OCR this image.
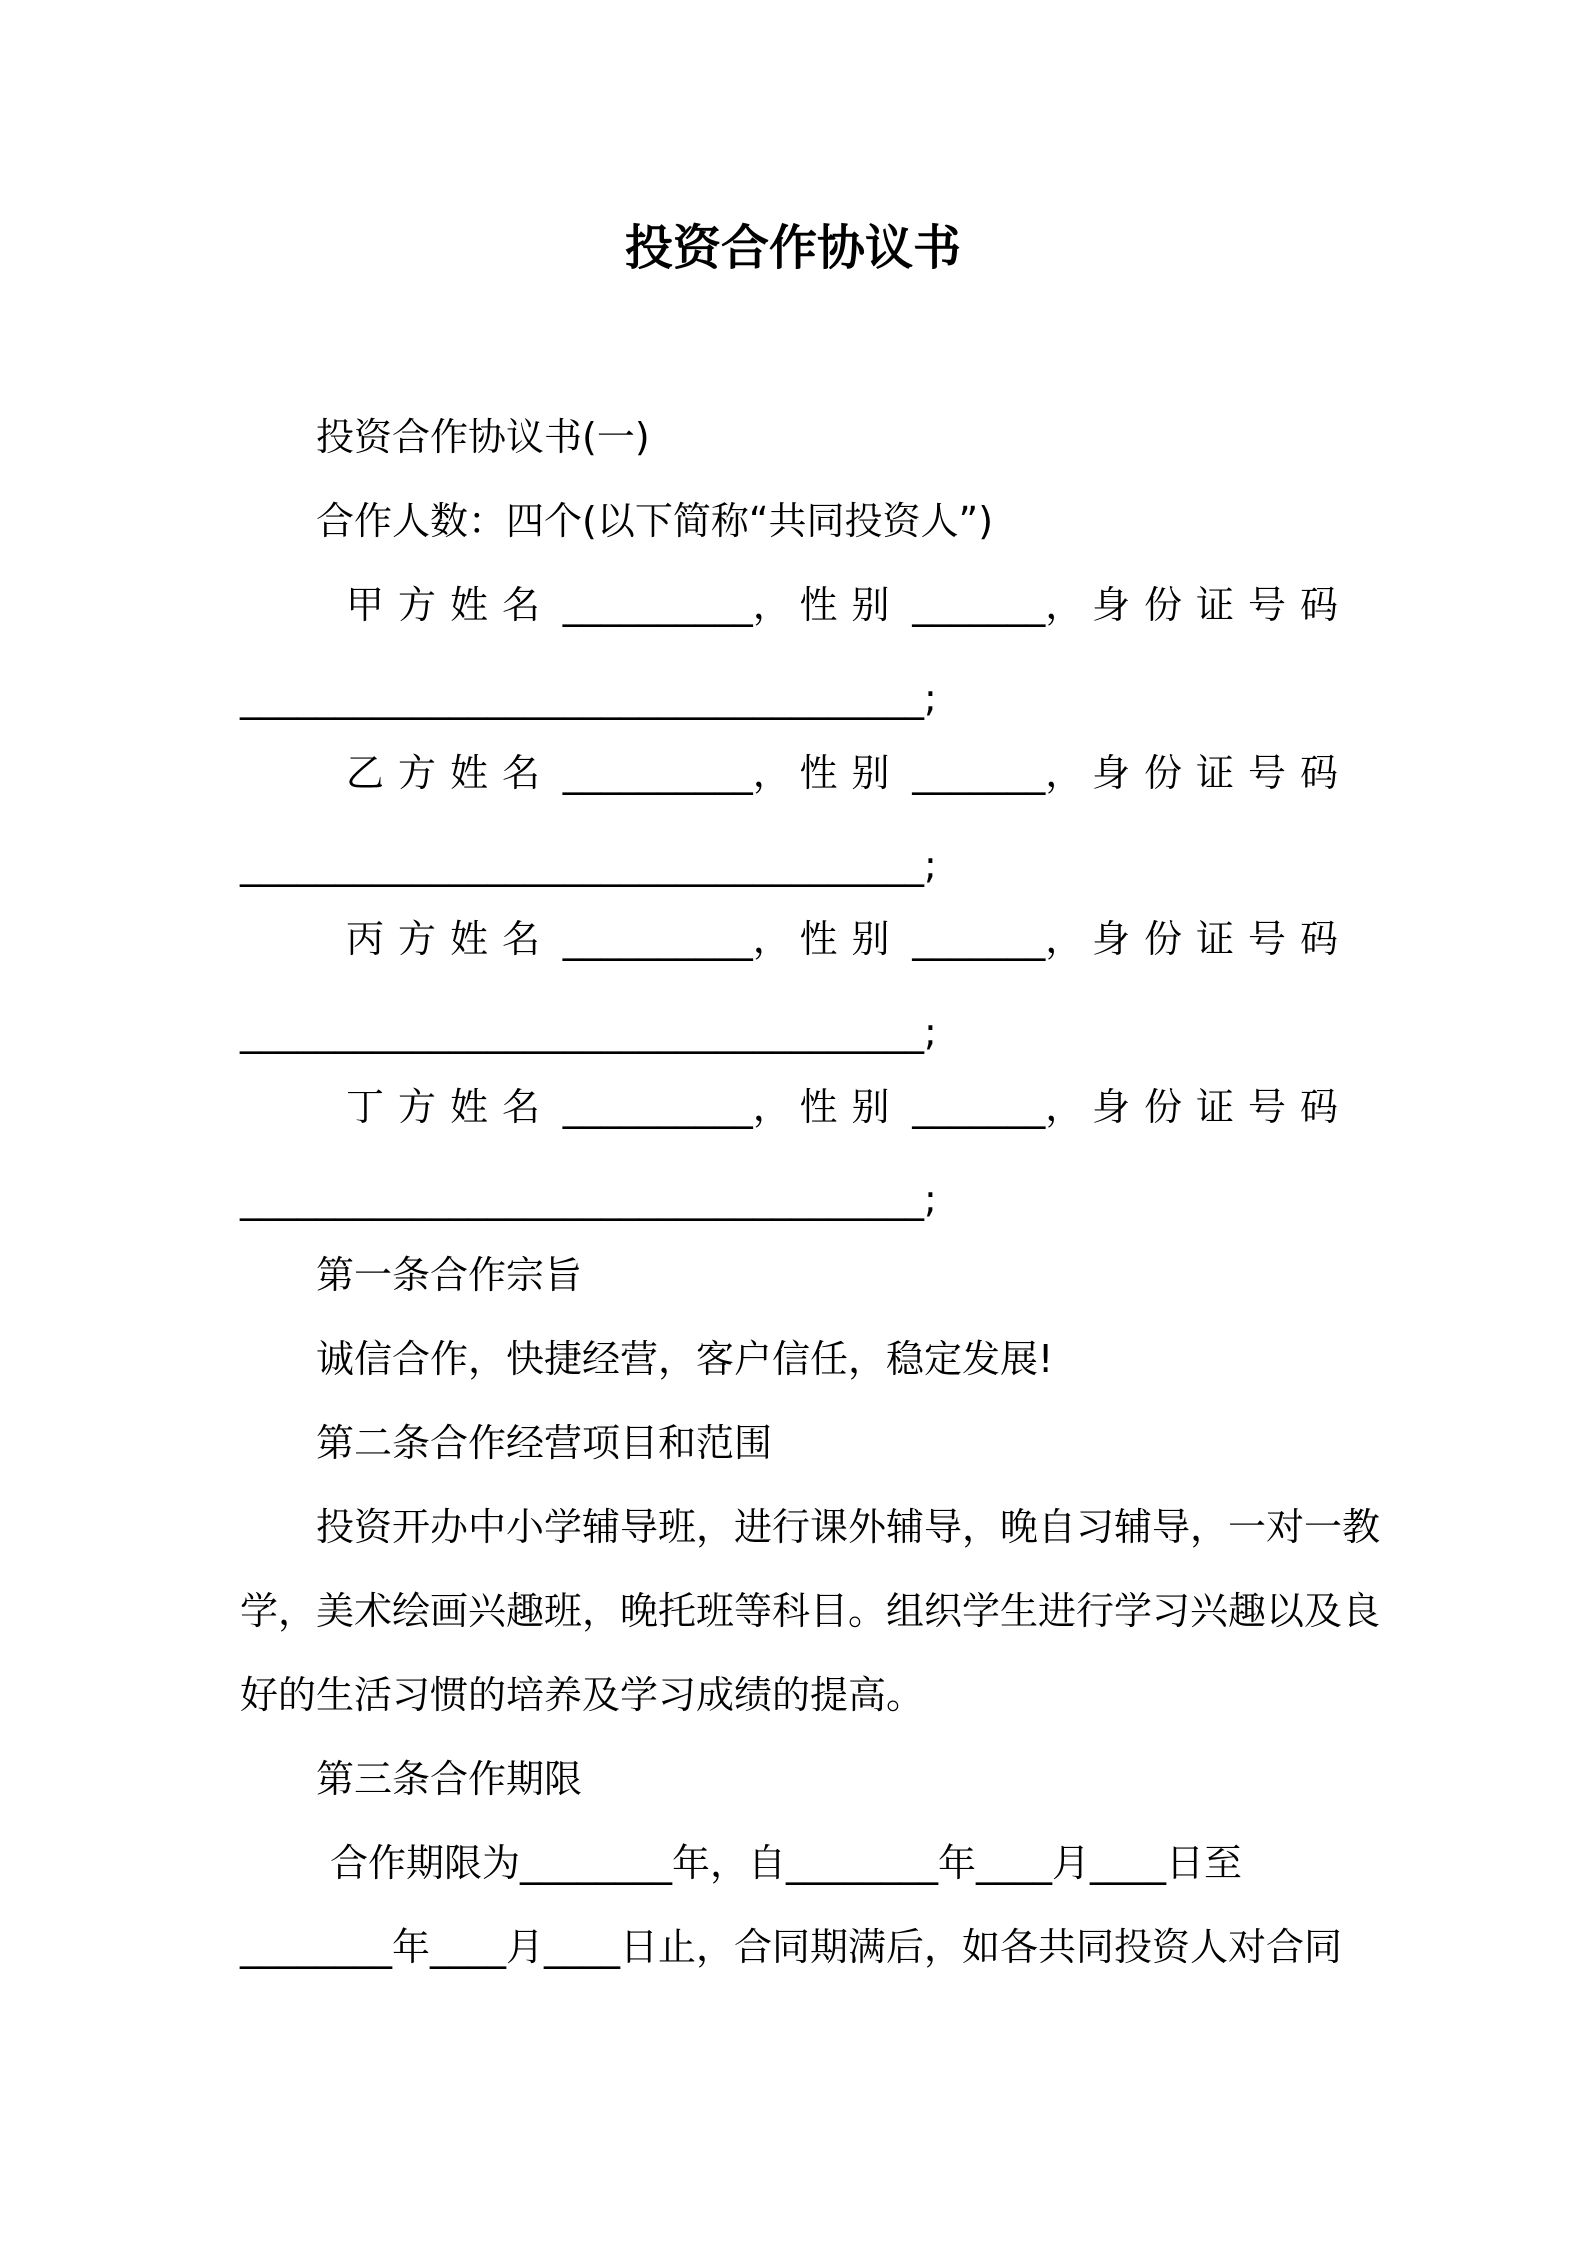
投资合作协议书
投资合作协议书(一)
合作人数：四个(以下简称“共同投资人”)
甲方姓名 __________， 性别 _______， 身份证号码
____________________________________;
乙方姓名 __________， 性别 _______， 身份证号码
____________________________________;
丙方姓名 __________， 性别 _______， 身份证号码
____________________________________;
丁方姓名 __________， 性别 _______， 身份证号码
____________________________________;
第一条合作宗旨
诚信合作，快捷经营，客户信任，稳定发展!
第二条合作经营项目和范围
投资开办中小学辅导班，进行课外辅导，晚自习辅导，一对一教
学，美术绘画兴趣班，晚托班等科目。组织学生进行学习兴趣以及良
好的生活习惯的培养及学习成绩的提高。
第三条合作期限
合作期限为________年，自________年____月____日至
________年____月____日止，合同期满后，如各共同投资人对合同
